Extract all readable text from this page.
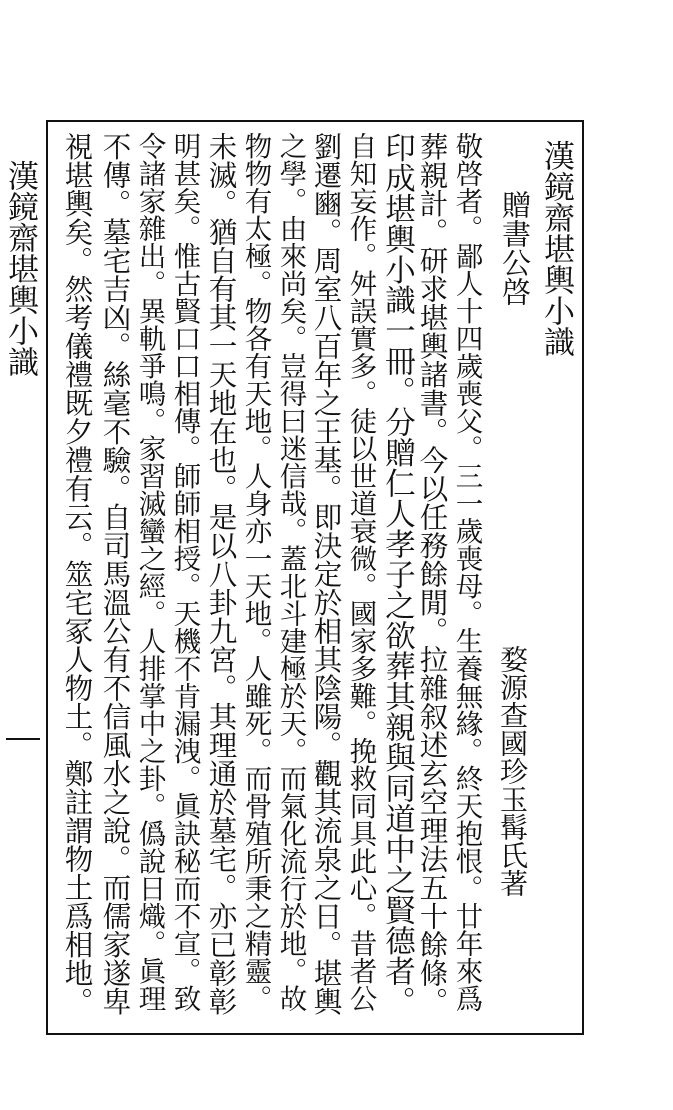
漢鏡齋堪輿小識
贈書公啓
婺源查國珍玉髯氏著
敬啓者。鄙人十四歲喪父。三一歲喪母。生養無緣。終天抱恨。廿年來爲
葬親計。研求堪輿諸書。今以任務餘閒。拉雜叙述玄空理法五十餘條。
印成堪輿小識一冊。分贈仁人孝子之欲葬其親與同道中之賢德者。
自知妄作。舛誤實多。徒以世道衰微。國家多難。挽救同具此心。昔者公
劉遷豳。周室八百年之王基。即決定於相其陰陽。觀其流泉之日。堪輿
之學。由來尚矣。豈得曰迷信哉。蓋北斗建極於天。而氣化流行於地。故
物物有太極。物各有天地。人身亦一天地。人雖死。而骨殖所秉之精靈。
未滅。猶自有其一天地在也。是以八卦九宮。其理通於墓宅。亦已彰彰
明甚矣。惟古賢口口相傳。師師相授。天機不肯漏洩。眞訣秘而不宣。致
令諸家雜出。異軌爭鳴。家習滅蠻之經。人排掌中之卦。僞說日熾。眞理
不傳。墓宅吉凶。絲毫不驗。自司馬溫公有不信風水之說。而儒家遂卑
視堪輿矣。然考儀禮既夕禮有云。筮宅冢人物土。鄭註謂物土爲相地。
漢鏡齋堪輿小識
